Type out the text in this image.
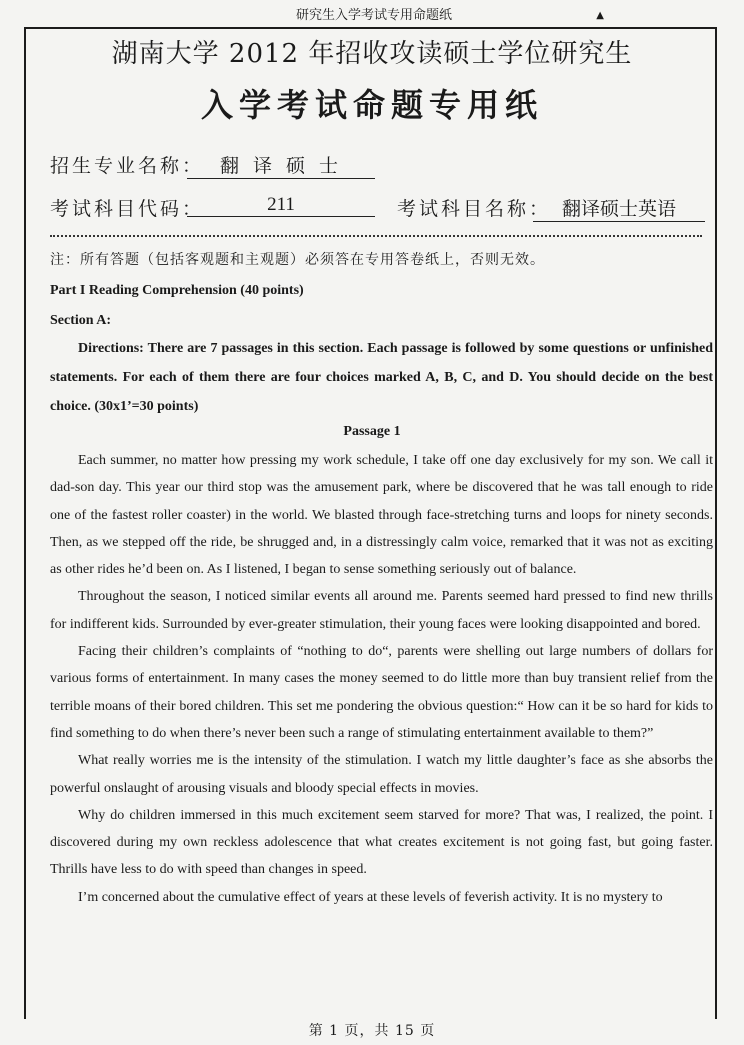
研究生入学考试专用命题纸	▲
湖南大学 2012 年招收攻读硕士学位研究生
入学考试命题专用纸
招生专业名称： 翻 译 硕 士
考试科目代码：	211	考试科目名称： 翻译硕士英语
注：所有答题（包括客观题和主观题）必须答在专用答卷纸上，否则无效。
Part I Reading Comprehension (40 points)
Section A:
Directions: There are 7 passages in this section. Each passage is followed by some questions or unfinished statements. For each of them there are four choices marked A, B, C, and D. You should decide on the best choice. (30x1’=30 points)
Passage 1

Each summer, no matter how pressing my work schedule, I take off one day exclusively for my son. We call it dad-son day. This year our third stop was the amusement park, where be discovered that he was tall enough to ride one of the fastest roller coaster) in the world. We blasted through face-stretching turns and loops for ninety seconds. Then, as we stepped off the ride, be shrugged and, in a distressingly calm voice, remarked that it was not as exciting as other rides he’d been on. As I listened, I began to sense something seriously out of balance.

Throughout the season, I noticed similar events all around me. Parents seemed hard pressed to find new thrills for indifferent kids. Surrounded by ever-greater stimulation, their young faces were looking disappointed and bored.

Facing their children’s complaints of “nothing to do“, parents were shelling out large numbers of dollars for various forms of entertainment. In many cases the money seemed to do little more than buy transient relief from the terrible moans of their bored children. This set me pondering the obvious question:“ How can it be so hard for kids to find something to do when there’s never been such a range of stimulating entertainment available to them?”

What really worries me is the intensity of the stimulation. I watch my little daughter’s face as she absorbs the powerful onslaught of arousing visuals and bloody special effects in movies.

Why do children immersed in this much excitement seem starved for more? That was, I realized, the point. I discovered during my own reckless adolescence that what creates excitement is not going fast, but going faster. Thrills have less to do with speed than changes in speed.

I’m concerned about the cumulative effect of years at these levels of feverish activity. It is no mystery to

第 1 页，共 15 页
